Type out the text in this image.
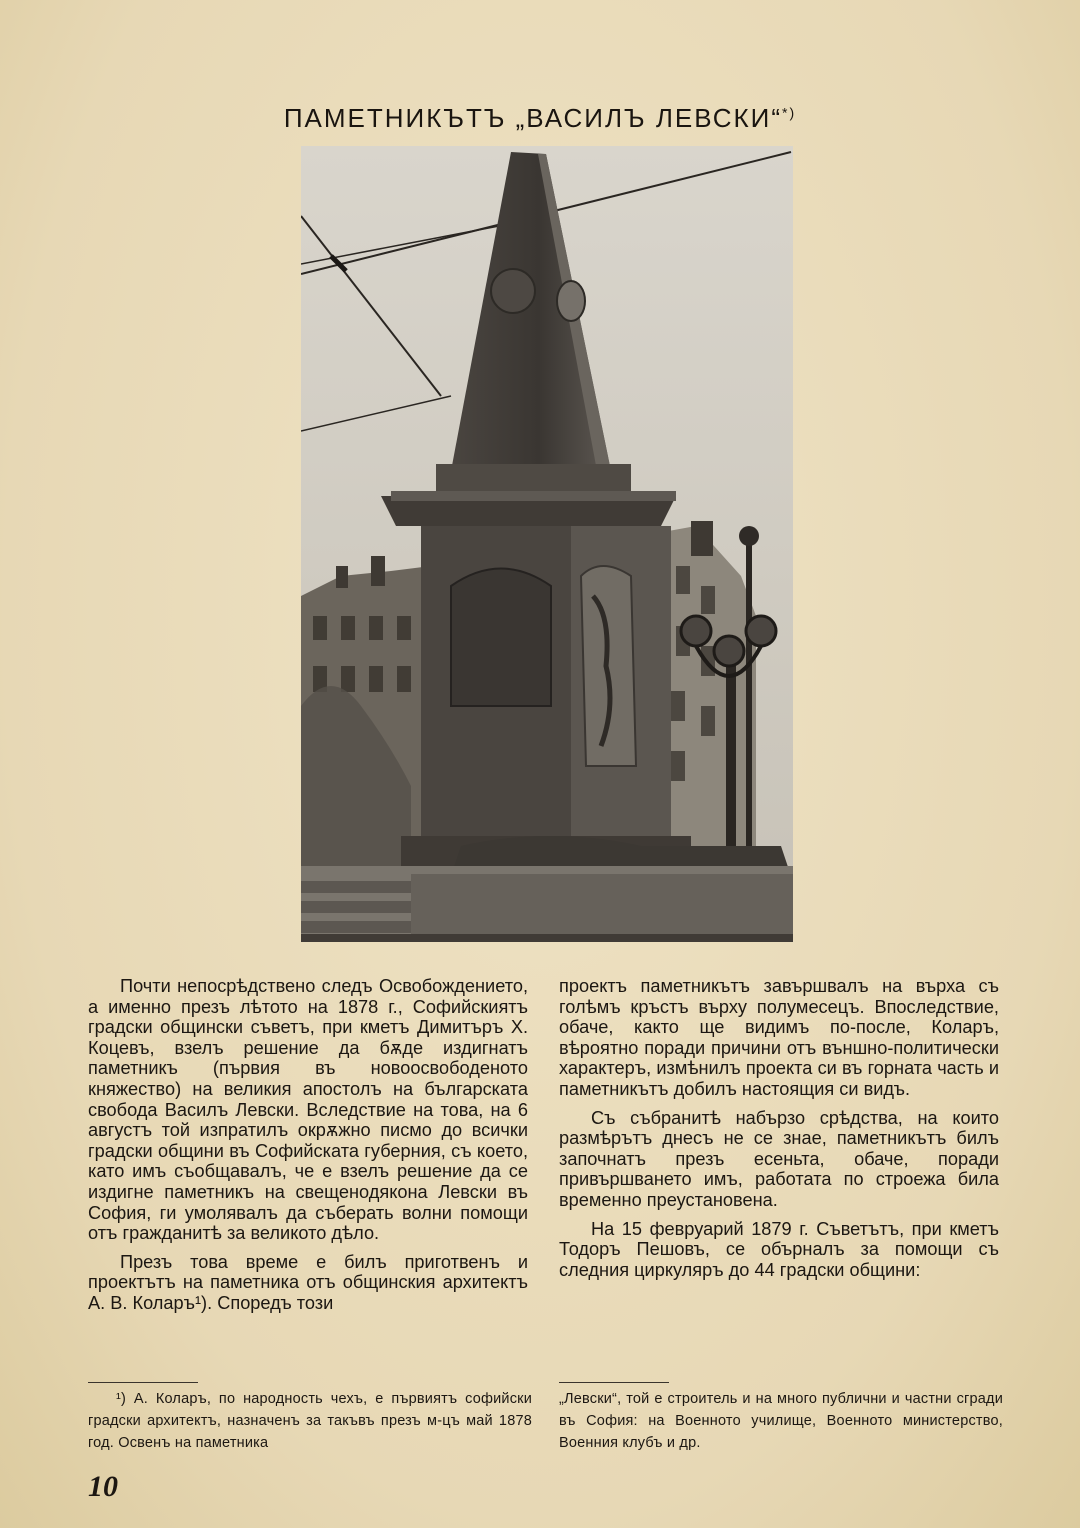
ПАМЕТНИКЪТЪ „ВАСИЛЪ ЛЕВСКИ“*)

Почти непосрѣдствено следъ Освобождението, а именно презъ лѣтото на 1878 г., Софийскиятъ градски общински съветъ, при кметъ Димитъръ Х. Коцевъ, взелъ решение да бѫде издигнатъ паметникъ (първия въ новоосвободеното княжество) на великия апостолъ на българската свобода Василъ Левски. Вследствие на това, на 6 августъ той изпратилъ окрѫжно писмо до всички градски общини въ Софийската губерния, съ което, като имъ съобщавалъ, че е взелъ решение да се издигне паметникъ на свещенодякона Левски въ София, ги умолявалъ да съберать волни помощи отъ гражданитѣ за великото дѣло.

Презъ това време е билъ приготвенъ и проектътъ на паметника отъ общинския архитектъ А. В. Коларъ¹). Споредъ този

проектъ паметникътъ завършвалъ на върха съ голѣмъ кръстъ върху полумесецъ. Впоследствие, обаче, както ще видимъ по-после, Коларъ, вѣроятно поради причини отъ външно-политически характеръ, измѣнилъ проекта си въ горната часть и паметникътъ добилъ настоящия си видъ.

Съ събранитѣ набързо срѣдства, на които размѣрътъ днесъ не се знае, паметникътъ билъ започнатъ презъ есеньта, обаче, поради привършването имъ, работата по строежа била временно преустановена.

На 15 февруарий 1879 г. Съветътъ, при кметъ Тодоръ Пешовъ, се обърналъ за помощи съ следния циркуляръ до 44 градски общини:

¹) А. Коларъ, по народность чехъ, е първиятъ софийски градски архитектъ, назначенъ за такъвъ презъ м-цъ май 1878 год. Освенъ на паметника

„Левски“, той е строитель и на много публични и частни сгради въ София: на Военното училище, Военното министерство, Военния клубъ и др.

10
